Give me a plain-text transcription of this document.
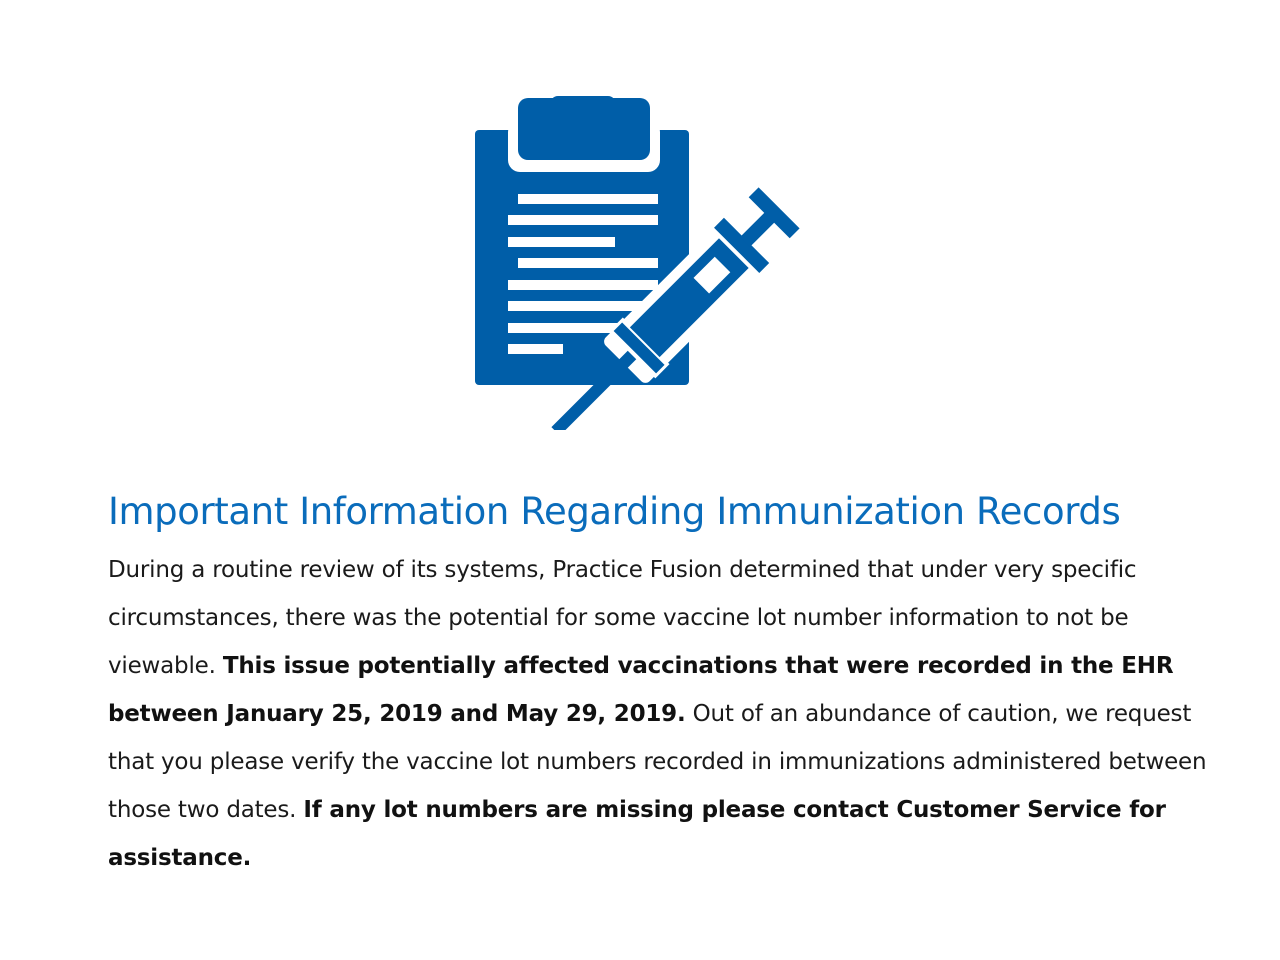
Important Information Regarding Immunization Records

During a routine review of its systems, Practice Fusion determined that under very specific circumstances, there was the potential for some vaccine lot number information to not be viewable. This issue potentially affected vaccinations that were recorded in the EHR between January 25, 2019 and May 29, 2019. Out of an abundance of caution, we request that you please verify the vaccine lot numbers recorded in immunizations administered between those two dates. If any lot numbers are missing please contact Customer Service for assistance.
